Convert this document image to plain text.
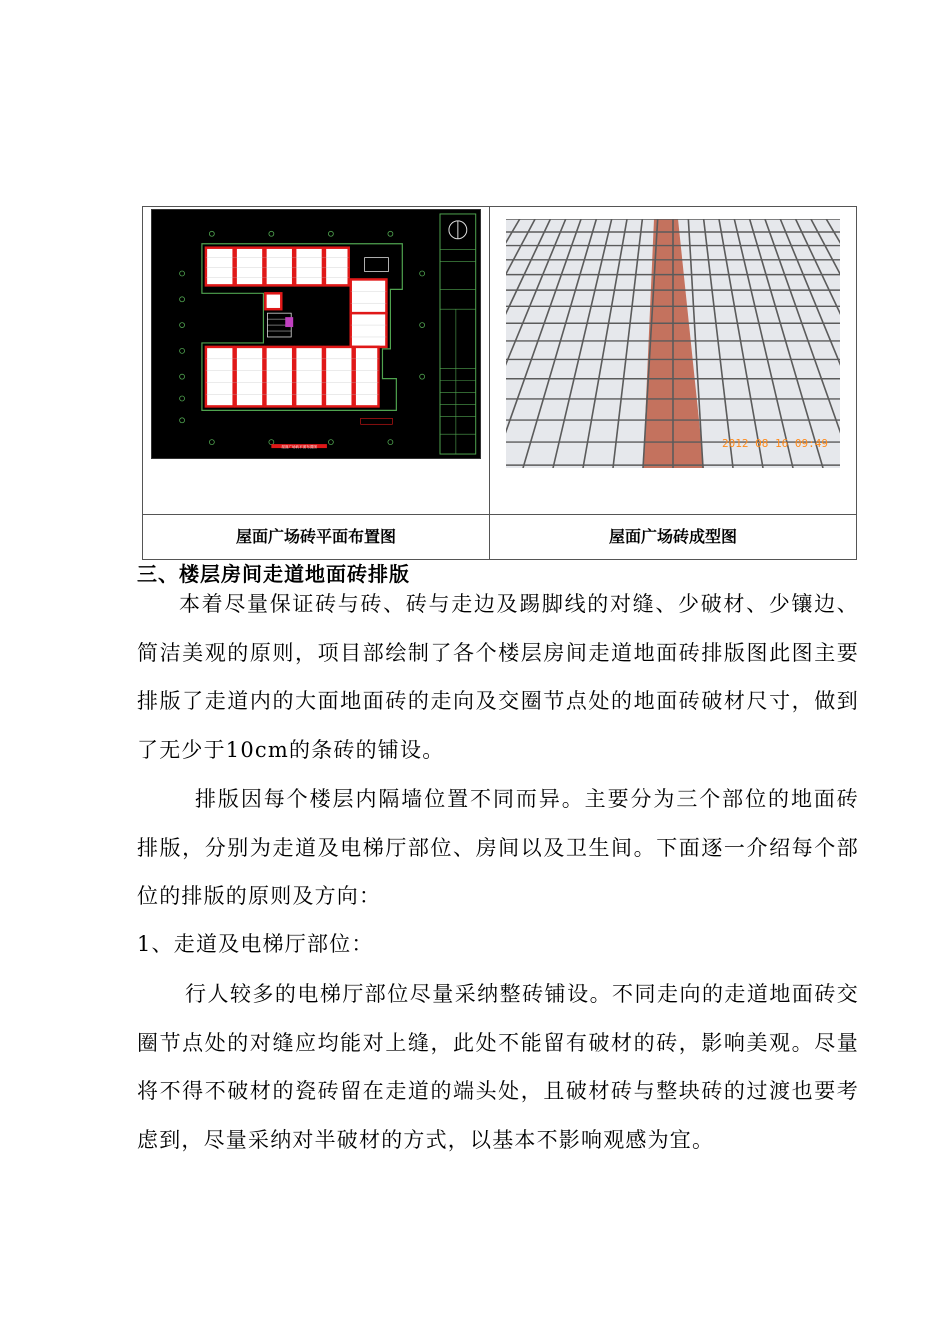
屋面广场砖平面布置图	2012 08 16 09:49
屋面广场砖平面布置图	屋面广场砖成型图
三、楼层房间走道地面砖排版

本着尽量保证砖与砖、砖与走边及踢脚线的对缝、少破材、少镶边、简洁美观的原则，项目部绘制了各个楼层房间走道地面砖排版图此图主要排版了走道内的大面地面砖的走向及交圈节点处的地面砖破材尺寸，做到了无少于10cm的条砖的铺设。

排版因每个楼层内隔墙位置不同而异。主要分为三个部位的地面砖排版，分别为走道及电梯厅部位、房间以及卫生间。下面逐一介绍每个部位的排版的原则及方向：

1、走道及电梯厅部位：

行人较多的电梯厅部位尽量采纳整砖铺设。不同走向的走道地面砖交圈节点处的对缝应均能对上缝，此处不能留有破材的砖，影响美观。尽量将不得不破材的瓷砖留在走道的端头处，且破材砖与整块砖的过渡也要考虑到，尽量采纳对半破材的方式，以基本不影响观感为宜。
